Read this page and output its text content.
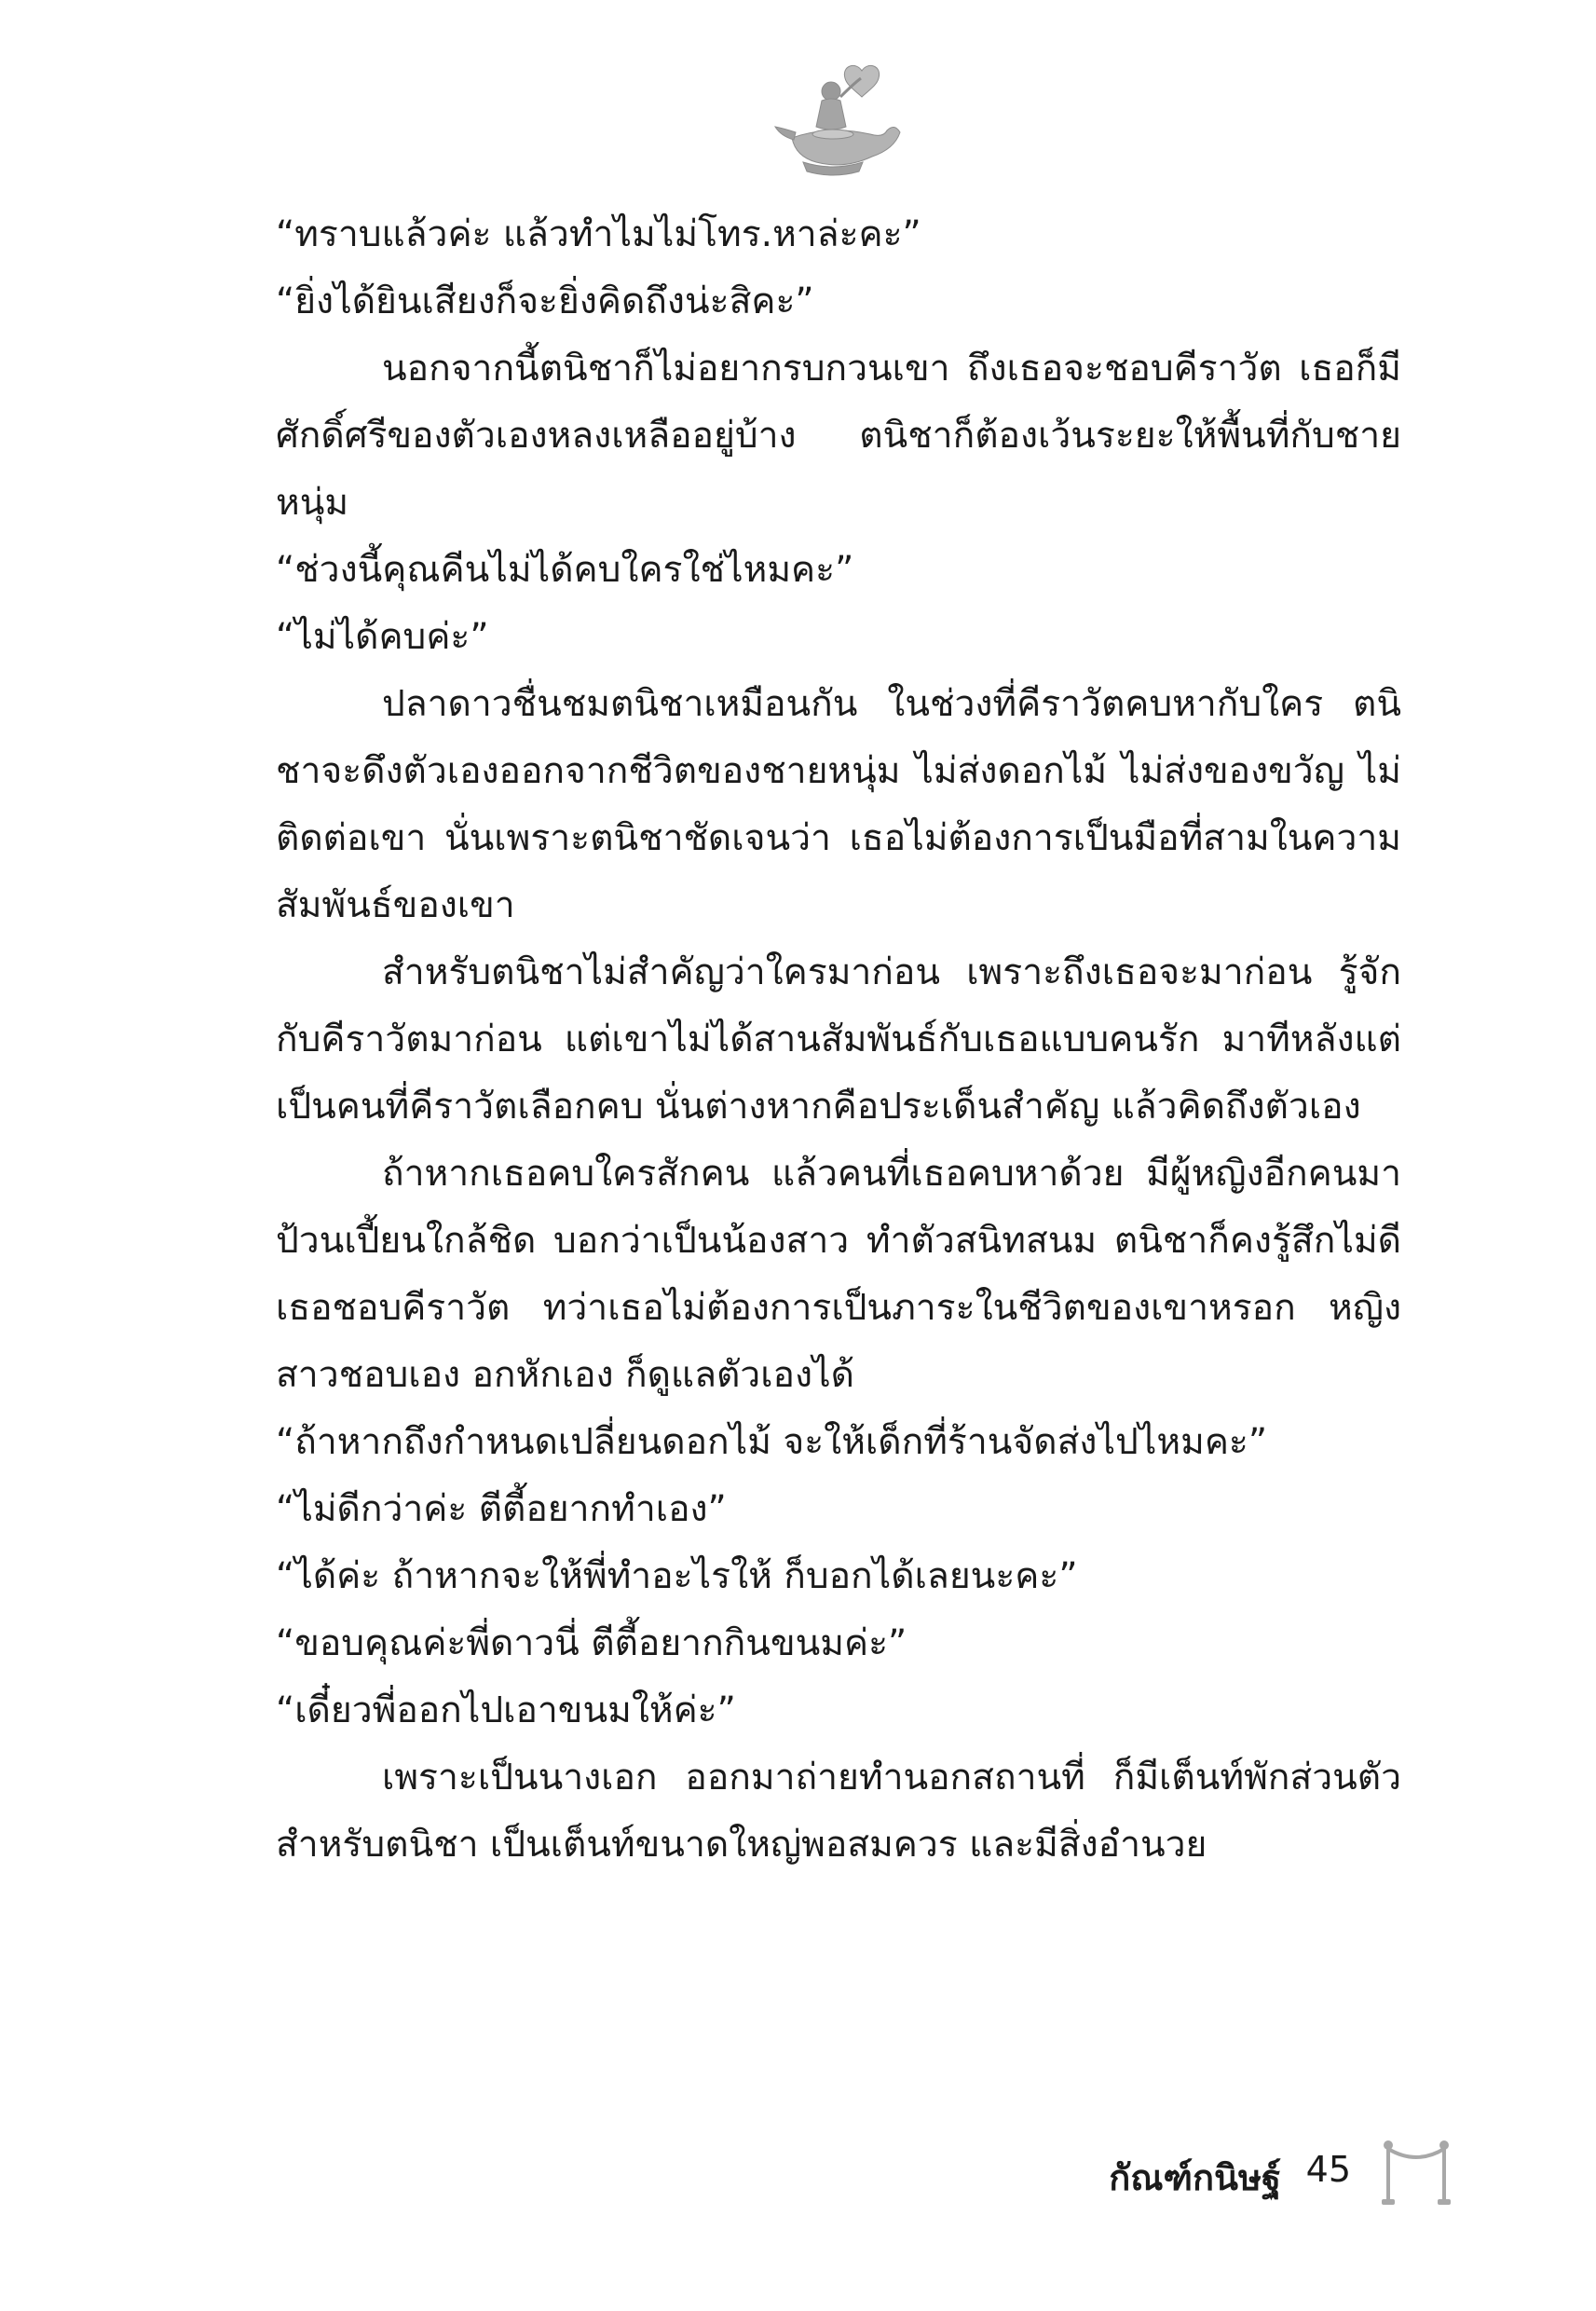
“ทราบแล้วค่ะ แล้วทำไมไม่โทร.หาล่ะคะ”

“ยิ่งได้ยินเสียงก็จะยิ่งคิดถึงน่ะสิคะ”

นอกจากนี้ตนิชาก็ไม่อยากรบกวนเขา ถึงเธอจะชอบคีราวัต เธอก็มีศักดิ์ศรีของตัวเองหลงเหลืออยู่บ้าง ตนิชาก็ต้องเว้นระยะให้พื้นที่กับชายหนุ่ม

“ช่วงนี้คุณคีนไม่ได้คบใครใช่ไหมคะ”

“ไม่ได้คบค่ะ”

ปลาดาวชื่นชมตนิชาเหมือนกัน ในช่วงที่คีราวัตคบหากับใคร ตนิชาจะดึงตัวเองออกจากชีวิตของชายหนุ่ม ไม่ส่งดอกไม้ ไม่ส่งของขวัญ ไม่ติดต่อเขา นั่นเพราะตนิชาชัดเจนว่า เธอไม่ต้องการเป็นมือที่สามในความสัมพันธ์ของเขา

สำหรับตนิชาไม่สำคัญว่าใครมาก่อน เพราะถึงเธอจะมาก่อน รู้จักกับคีราวัตมาก่อน แต่เขาไม่ได้สานสัมพันธ์กับเธอแบบคนรัก มาทีหลังแต่เป็นคนที่คีราวัตเลือกคบ นั่นต่างหากคือประเด็นสำคัญ แล้วคิดถึงตัวเอง

ถ้าหากเธอคบใครสักคน แล้วคนที่เธอคบหาด้วย มีผู้หญิงอีกคนมาป้วนเปี้ยนใกล้ชิด บอกว่าเป็นน้องสาว ทำตัวสนิทสนม ตนิชาก็คงรู้สึกไม่ดี เธอชอบคีราวัต ทว่าเธอไม่ต้องการเป็นภาระในชีวิตของเขาหรอก หญิงสาวชอบเอง อกหักเอง ก็ดูแลตัวเองได้

“ถ้าหากถึงกำหนดเปลี่ยนดอกไม้ จะให้เด็กที่ร้านจัดส่งไปไหมคะ”

“ไม่ดีกว่าค่ะ ตีตี้อยากทำเอง”

“ได้ค่ะ ถ้าหากจะให้พี่ทำอะไรให้ ก็บอกได้เลยนะคะ”

“ขอบคุณค่ะพี่ดาวนี่ ตีตี้อยากกินขนมค่ะ”

“เดี๋ยวพี่ออกไปเอาขนมให้ค่ะ”

เพราะเป็นนางเอก ออกมาถ่ายทำนอกสถานที่ ก็มีเต็นท์พักส่วนตัวสำหรับตนิชา เป็นเต็นท์ขนาดใหญ่พอสมควร และมีสิ่งอำนวย

กัณฑ์กนิษฐ์ 45
